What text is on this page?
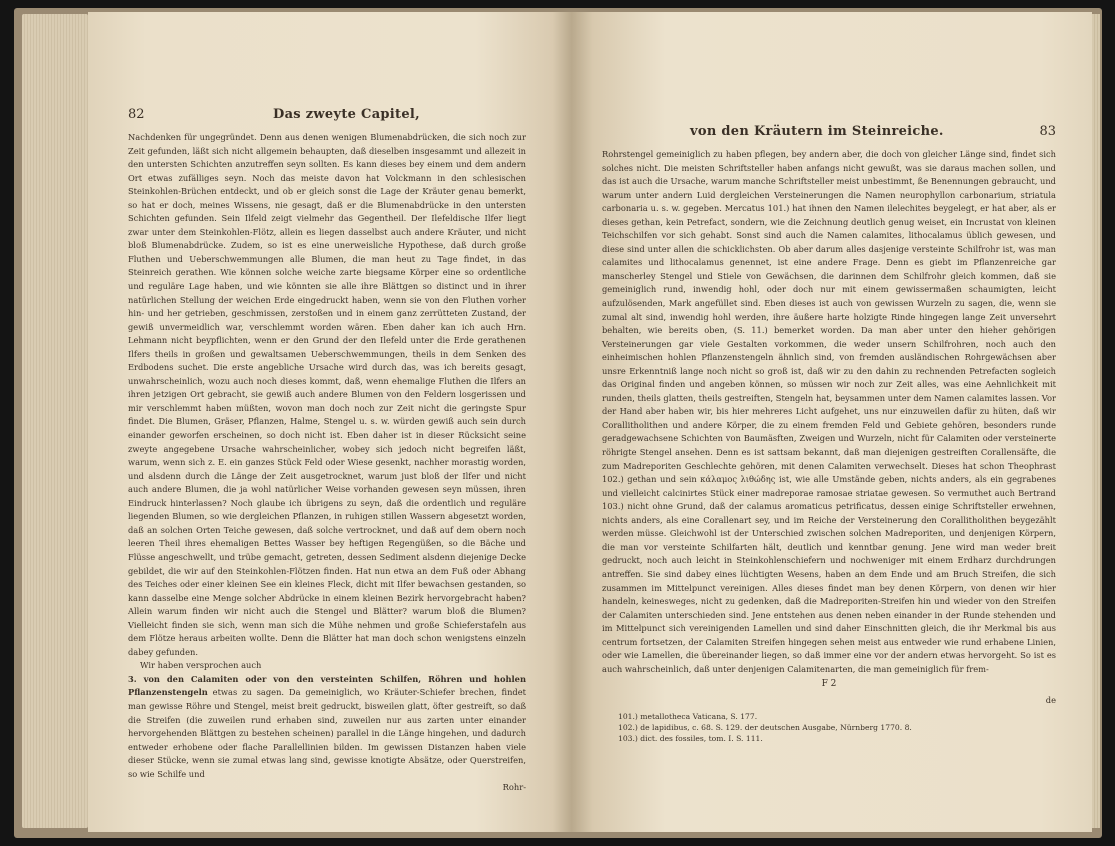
82	Das zweyte Capitel,

Nachdenken für ungegründet. Denn aus denen wenigen Blumenabdrücken, die sich noch zur Zeit gefunden, läßt sich nicht allgemein behaupten, daß dieselben insgesammt und allezeit in den untersten Schichten anzutreffen seyn sollten. Es kann dieses bey einem und dem andern Ort etwas zufälliges seyn. Noch das meiste davon hat Volckmann in den schlesischen Steinkohlen-Brüchen entdeckt, und ob er gleich sonst die Lage der Kräuter genau bemerkt, so hat er doch, meines Wissens, nie gesagt, daß er die Blumenabdrücke in den untersten Schichten gefunden. Sein Ilfeld zeigt vielmehr das Gegentheil. Der Ilefeldische Ilfer liegt zwar unter dem Steinkohlen-Flötz, allein es liegen dasselbst auch andere Kräuter, und nicht bloß Blumenabdrücke. Zudem, so ist es eine unerweisliche Hypothese, daß durch große Fluthen und Ueberschwemmungen alle Blumen, die man heut zu Tage findet, in das Steinreich gerathen. Wie können solche weiche zarte biegsame Körper eine so ordentliche und reguläre Lage haben, und wie könnten sie alle ihre Blättgen so distinct und in ihrer natürlichen Stellung der weichen Erde eingedruckt haben, wenn sie von den Fluthen vorher hin- und her getrieben, geschmissen, zerstoßen und in einem ganz zerrütteten Zustand, der gewiß unvermeidlich war, verschlemmt worden wären. Eben daher kan ich auch Hrn. Lehmann nicht beypflichten, wenn er den Grund der den Ilefeld unter die Erde gerathenen Ilfers theils in großen und gewaltsamen Ueberschwemmungen, theils in dem Senken des Erdbodens suchet. Die erste angebliche Ursache wird durch das, was ich bereits gesagt, unwahrscheinlich, wozu auch noch dieses kommt, daß, wenn ehemalige Fluthen die Ilfers an ihren jetzigen Ort gebracht, sie gewiß auch andere Blumen von den Feldern losgerissen und mir verschlemmt haben müßten, wovon man doch noch zur Zeit nicht die geringste Spur findet. Die Blumen, Gräser, Pflanzen, Halme, Stengel u. s. w. würden gewiß auch sein durch einander geworfen erscheinen, so doch nicht ist. Eben daher ist in dieser Rücksicht seine zweyte angegebene Ursache wahrscheinlicher, wobey sich jedoch nicht begreifen läßt, warum, wenn sich z. E. ein ganzes Stück Feld oder Wiese gesenkt, nachher morastig worden, und alsdenn durch die Länge der Zeit ausgetrocknet, warum just bloß der Ilfer und nicht auch andere Blumen, die ja wohl natürlicher Weise vorhanden gewesen seyn müssen, ihren Eindruck hinterlassen? Noch glaube ich übrigens zu seyn, daß die ordentlich und reguläre liegenden Blumen, so wie dergleichen Pflanzen, in ruhigen stillen Wassern abgesetzt worden, daß an solchen Orten Teiche gewesen, daß solche vertrocknet, und daß auf dem obern noch leeren Theil ihres ehemaligen Bettes Wasser bey heftigen Regengüßen, so die Bäche und Flüsse angeschwellt, und trübe gemacht, getreten, dessen Sediment alsdenn diejenige Decke gebildet, die wir auf den Steinkohlen-Flötzen finden. Hat nun etwa an dem Fuß oder Abhang des Teiches oder einer kleinen See ein kleines Fleck, dicht mit Ilfer bewachsen gestanden, so kann dasselbe eine Menge solcher Abdrücke in einem kleinen Bezirk hervorgebracht haben? Allein warum finden wir nicht auch die Stengel und Blätter? warum bloß die Blumen? Vielleicht finden sie sich, wenn man sich die Mühe nehmen und große Schieferstafeln aus dem Flötze heraus arbeiten wollte. Denn die Blätter hat man doch schon wenigstens einzeln dabey gefunden.

Wir haben versprochen auch

3. von den Calamiten oder von den versteinten Schilfen, Röhren und hohlen Pflanzenstengeln etwas zu sagen. Da gemeiniglich, wo Kräuter-Schiefer brechen, findet man gewisse Röhre und Stengel, meist breit gedruckt, bisweilen glatt, öfter gestreift, so daß die Streifen (die zuweilen rund erhaben sind, zuweilen nur aus zarten unter einander hervorgehenden Blättgen zu bestehen scheinen) parallel in die Länge hingehen, und dadurch entweder erhobene oder flache Parallellinien bilden. Im gewissen Distanzen haben viele dieser Stücke, wenn sie zumal etwas lang sind, gewisse knotigte Absätze, oder Querstreifen, so wie Schilfe und

Rohr-
von den Kräutern im Steinreiche.	83

Rohrstengel gemeiniglich zu haben pflegen, bey andern aber, die doch von gleicher Länge sind, findet sich solches nicht. Die meisten Schriftsteller haben anfangs nicht gewußt, was sie daraus machen sollen, und das ist auch die Ursache, warum manche Schriftsteller meist unbestimmt, ße Benennungen gebraucht, und warum unter andern Luid dergleichen Versteinerungen die Namen neurophyllon carbonarium, striatula carbonaria u. s. w. gegeben. Mercatus 101.) hat ihnen den Namen ilelechites beygelegt, er hat aber, als er dieses gethan, kein Petrefact, sondern, wie die Zeichnung deutlich genug weiset, ein Incrustat von kleinen Teichschilfen vor sich gehabt. Sonst sind auch die Namen calamites, lithocalamus üblich gewesen, und diese sind unter allen die schicklichsten. Ob aber darum alles dasjenige versteinte Schilfrohr ist, was man calamites und lithocalamus genennet, ist eine andere Frage. Denn es giebt im Pflanzenreiche gar manscherley Stengel und Stiele von Gewächsen, die darinnen dem Schilfrohr gleich kommen, daß sie gemeiniglich rund, inwendig hohl, oder doch nur mit einem gewissermaßen schaumigten, leicht aufzulösenden, Mark angefüllet sind. Eben dieses ist auch von gewissen Wurzeln zu sagen, die, wenn sie zumal alt sind, inwendig hohl werden, ihre äußere harte holzigte Rinde hingegen lange Zeit unversehrt behalten, wie bereits oben, (S. 11.) bemerket worden. Da man aber unter den hieher gehörigen Versteinerungen gar viele Gestalten vorkommen, die weder unsern Schilfrohren, noch auch den einheimischen hohlen Pflanzenstengeln ähnlich sind, von fremden ausländischen Rohrgewächsen aber unsre Erkenntniß lange noch nicht so groß ist, daß wir zu den dahin zu rechnenden Petrefacten sogleich das Original finden und angeben können, so müssen wir noch zur Zeit alles, was eine Aehnlichkeit mit runden, theils glatten, theils gestreiften, Stengeln hat, beysammen unter dem Namen calamites lassen. Vor der Hand aber haben wir, bis hier mehreres Licht aufgehet, uns nur einzuweilen dafür zu hüten, daß wir Corallitholithen und andere Körper, die zu einem fremden Feld und Gebiete gehören, besonders runde geradgewachsene Schichten von Baumäsften, Zweigen und Wurzeln, nicht für Calamiten oder versteinerte röhrigte Stengel ansehen. Denn es ist sattsam bekannt, daß man diejenigen gestreiften Corallensäfte, die zum Madreporiten Geschlechte gehören, mit denen Calamiten verwechselt. Dieses hat schon Theophrast 102.) gethan und sein κάλαμος λιθώδης ist, wie alle Umstände geben, nichts anders, als ein gegrabenes und vielleicht calcinirtes Stück einer madreporae ramosae striatae gewesen. So vermuthet auch Bertrand 103.) nicht ohne Grund, daß der calamus aromaticus petrificatus, dessen einige Schriftsteller erwehnen, nichts anders, als eine Corallenart sey, und im Reiche der Versteinerung den Corallitholithen beygezählt werden müsse. Gleichwohl ist der Unterschied zwischen solchen Madreporiten, und denjenigen Körpern, die man vor versteinte Schilfarten hält, deutlich und kenntbar genung. Jene wird man weder breit gedruckt, noch auch leicht in Steinkohlenschiefern und nochweniger mit einem Erdharz durchdrungen antreffen. Sie sind dabey eines lüchtigten Wesens, haben an dem Ende und am Bruch Streifen, die sich zusammen im Mittelpunct vereinigen. Alles dieses findet man bey denen Körpern, von denen wir hier handeln, keinesweges, nicht zu gedenken, daß die Madreporiten-Streifen hin und wieder von den Streifen der Calamiten unterschieden sind. Jene entstehen aus denen neben einander in der Runde stehenden und im Mittelpunct sich vereinigenden Lamellen und sind daher Einschnitten gleich, die ihr Merkmal bis aus centrum fortsetzen, der Calamiten Streifen hingegen sehen meist aus entweder wie rund erhabene Linien, oder wie Lamellen, die übereinander liegen, so daß immer eine vor der andern etwas hervorgeht. So ist es auch wahrscheinlich, daß unter denjenigen Calamitenarten, die man gemeiniglich für frem-

F 2
de
101.) metallotheca Vaticana, S. 177.
102.) de lapidibus, c. 68. S. 129. der deutschen Ausgabe, Nürnberg 1770. 8.
103.) dict. des fossiles, tom. I. S. 111.
